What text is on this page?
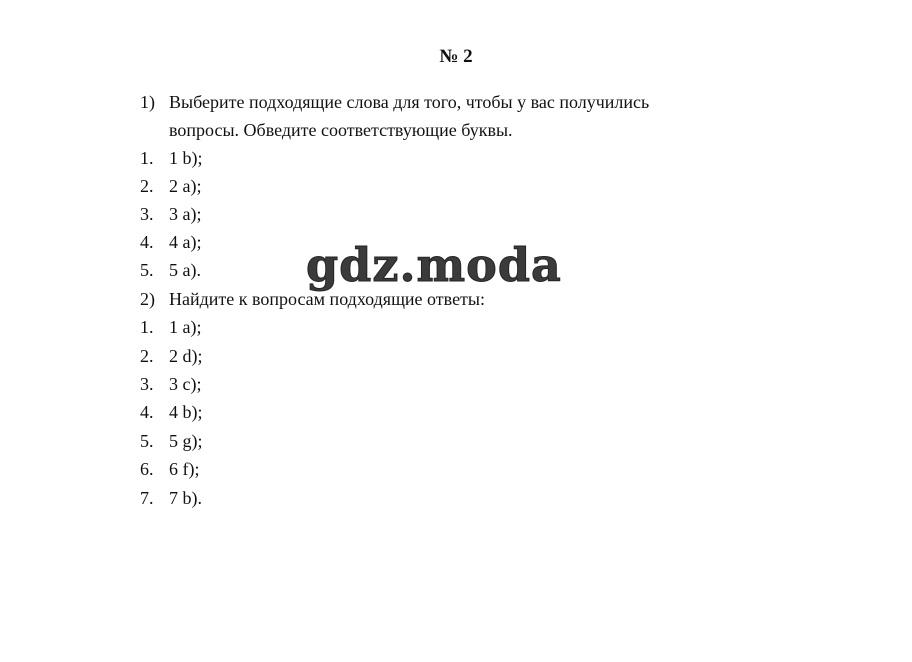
№ 2
1) Выберите подходящие слова для того, чтобы у вас получились
вопросы. Обведите соответствующие буквы.
1. 1 b);
2. 2 a);
3. 3 a);
4. 4 a);
5. 5 a).
2) Найдите к вопросам подходящие ответы:
1. 1 a);
2. 2 d);
3. 3 c);
4. 4 b);
5. 5 g);
6. 6 f);
7. 7 b).
gdz.moda
